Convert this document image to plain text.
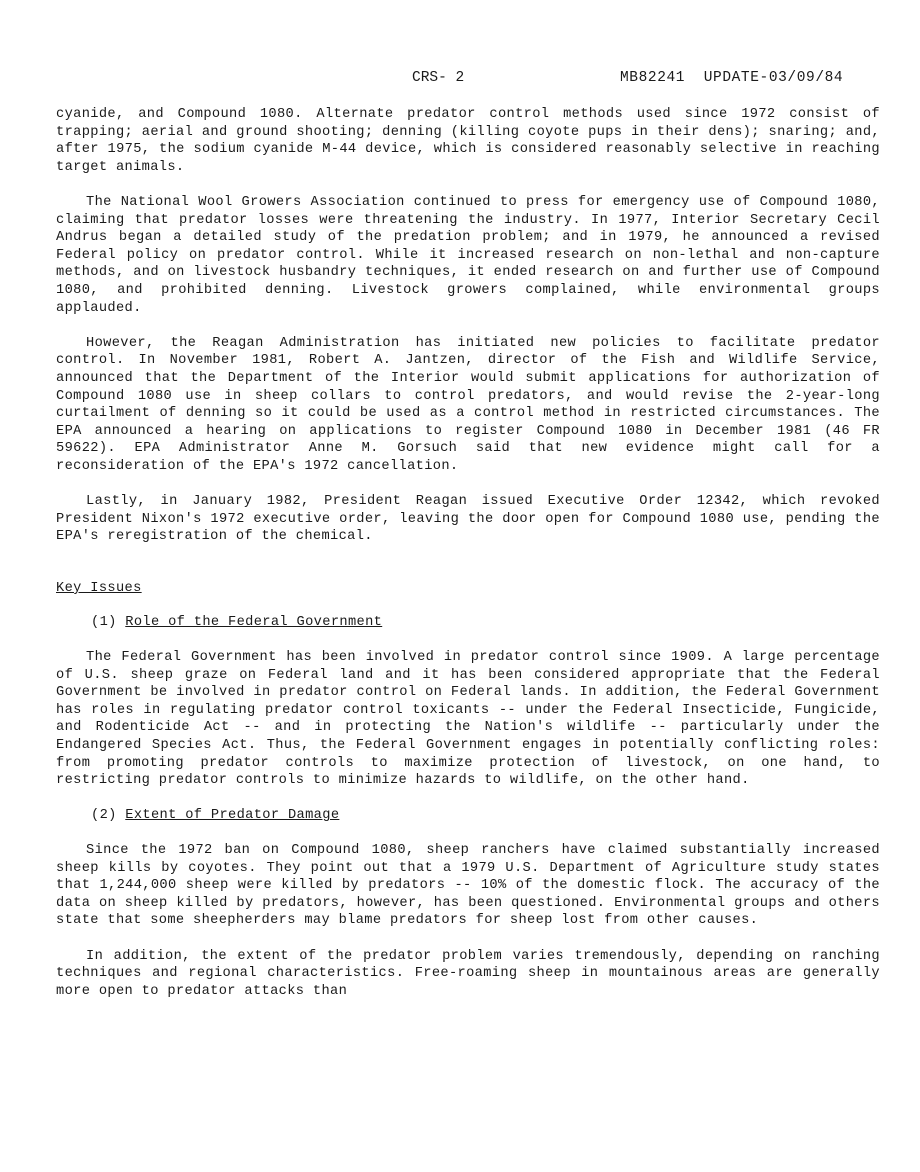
CRS- 2	MB82241  UPDATE-03/09/84

cyanide, and Compound 1080. Alternate predator control methods used since 1972 consist of trapping; aerial and ground shooting; denning (killing coyote pups in their dens); snaring; and, after 1975, the sodium cyanide M-44 device, which is considered reasonably selective in reaching target animals.

The National Wool Growers Association continued to press for emergency use of Compound 1080, claiming that predator losses were threatening the industry. In 1977, Interior Secretary Cecil Andrus began a detailed study of the predation problem; and in 1979, he announced a revised Federal policy on predator control. While it increased research on non-lethal and non-capture methods, and on livestock husbandry techniques, it ended research on and further use of Compound 1080, and prohibited denning. Livestock growers complained, while environmental groups applauded.

However, the Reagan Administration has initiated new policies to facilitate predator control. In November 1981, Robert A. Jantzen, director of the Fish and Wildlife Service, announced that the Department of the Interior would submit applications for authorization of Compound 1080 use in sheep collars to control predators, and would revise the 2-year-long curtailment of denning so it could be used as a control method in restricted circumstances. The EPA announced a hearing on applications to register Compound 1080 in December 1981 (46 FR 59622). EPA Administrator Anne M. Gorsuch said that new evidence might call for a reconsideration of the EPA's 1972 cancellation.

Lastly, in January 1982, President Reagan issued Executive Order 12342, which revoked President Nixon's 1972 executive order, leaving the door open for Compound 1080 use, pending the EPA's reregistration of the chemical.

Key Issues
(1) Role of the Federal Government

The Federal Government has been involved in predator control since 1909. A large percentage of U.S. sheep graze on Federal land and it has been considered appropriate that the Federal Government be involved in predator control on Federal lands. In addition, the Federal Government has roles in regulating predator control toxicants -- under the Federal Insecticide, Fungicide, and Rodenticide Act -- and in protecting the Nation's wildlife -- particularly under the Endangered Species Act. Thus, the Federal Government engages in potentially conflicting roles: from promoting predator controls to maximize protection of livestock, on one hand, to restricting predator controls to minimize hazards to wildlife, on the other hand.

(2) Extent of Predator Damage

Since the 1972 ban on Compound 1080, sheep ranchers have claimed substantially increased sheep kills by coyotes. They point out that a 1979 U.S. Department of Agriculture study states that 1,244,000 sheep were killed by predators -- 10% of the domestic flock. The accuracy of the data on sheep killed by predators, however, has been questioned. Environmental groups and others state that some sheepherders may blame predators for sheep lost from other causes.

In addition, the extent of the predator problem varies tremendously, depending on ranching techniques and regional characteristics. Free-roaming sheep in mountainous areas are generally more open to predator attacks than
